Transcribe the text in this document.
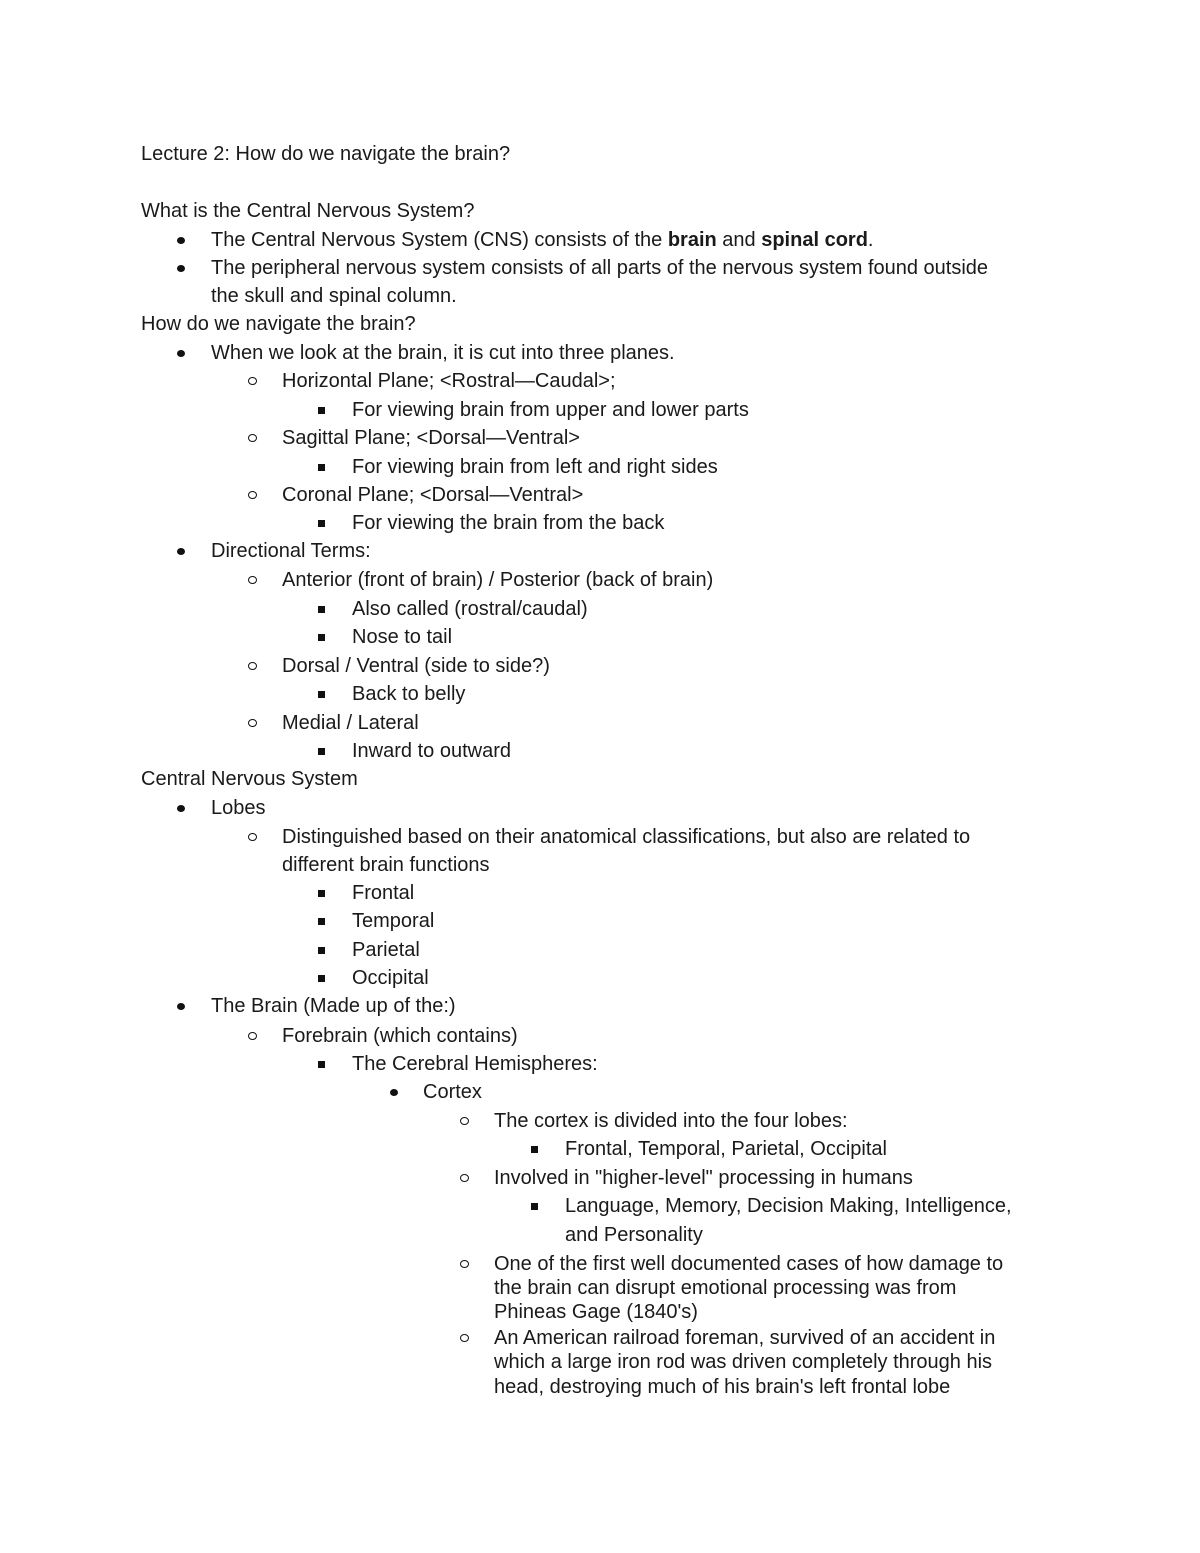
Lecture 2: How do we navigate the brain?
What is the Central Nervous System?
The Central Nervous System (CNS) consists of the brain and spinal cord.
The peripheral nervous system consists of all parts of the nervous system found outside
the skull and spinal column.
How do we navigate the brain?
When we look at the brain, it is cut into three planes.
Horizontal Plane; <Rostral—Caudal>;
For viewing brain from upper and lower parts
Sagittal Plane; <Dorsal—Ventral>
For viewing brain from left and right sides
Coronal Plane; <Dorsal—Ventral>
For viewing the brain from the back
Directional Terms:
Anterior (front of brain) / Posterior (back of brain)
Also called (rostral/caudal)
Nose to tail
Dorsal / Ventral (side to side?)
Back to belly
Medial / Lateral
Inward to outward
Central Nervous System
Lobes
Distinguished based on their anatomical classifications, but also are related to
different brain functions
Frontal
Temporal
Parietal
Occipital
The Brain (Made up of the:)
Forebrain (which contains)
The Cerebral Hemispheres:
Cortex
The cortex is divided into the four lobes:
Frontal, Temporal, Parietal, Occipital
Involved in "higher-level" processing in humans
Language, Memory, Decision Making, Intelligence,
and Personality
One of the first well documented cases of how damage to
the brain can disrupt emotional processing was from
Phineas Gage (1840's)
An American railroad foreman, survived of an accident in
which a large iron rod was driven completely through his
head, destroying much of his brain's left frontal lobe
